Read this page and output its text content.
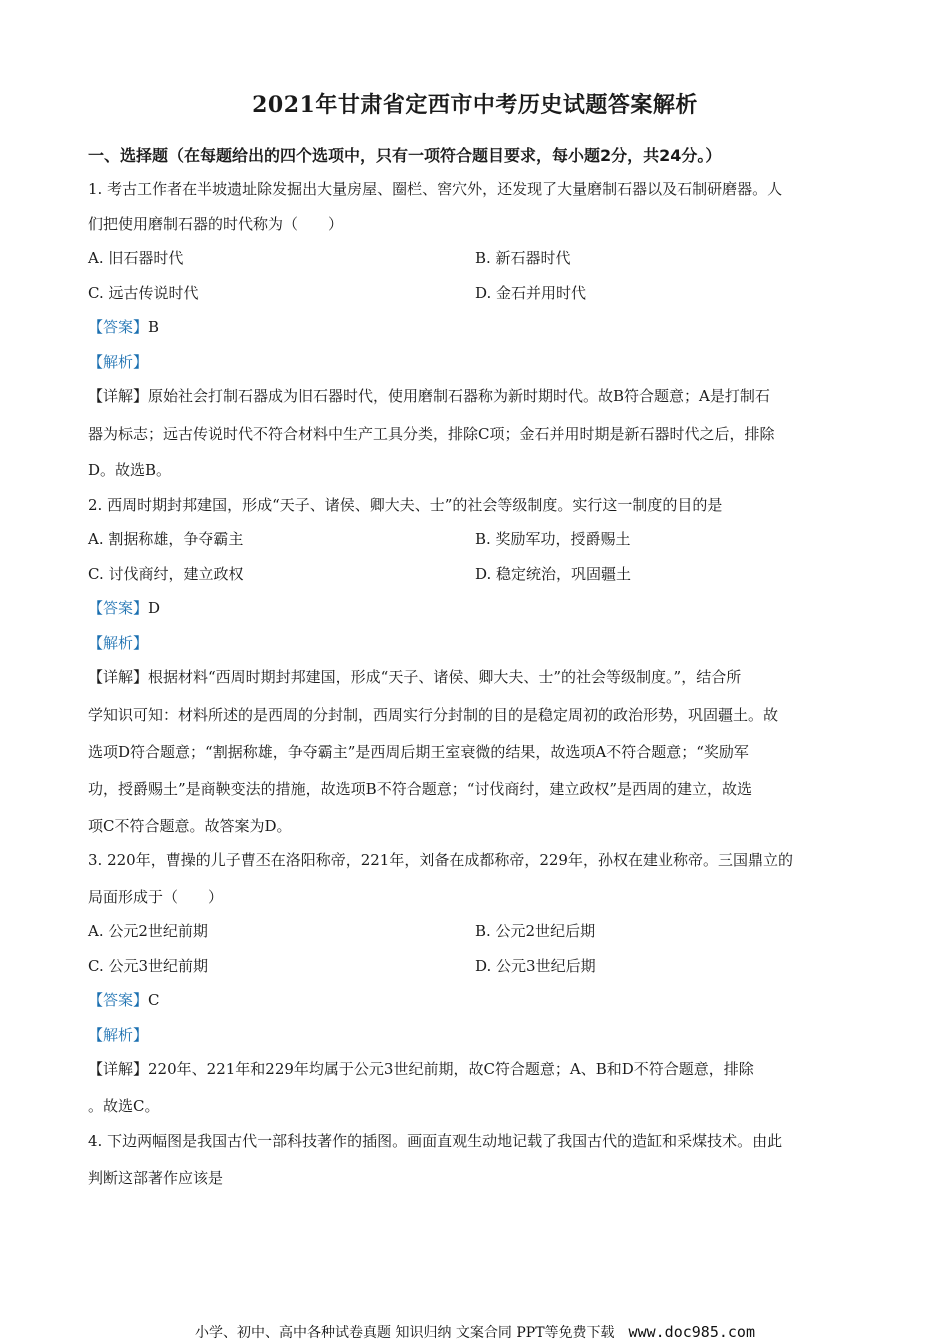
2021年甘肃省定西市中考历史试题答案解析
一、选择题（在每题给出的四个选项中，只有一项符合题目要求，每小题2分，共24分。）
1. 考古工作者在半坡遗址除发掘出大量房屋、圈栏、窖穴外，还发现了大量磨制石器以及石制研磨器。人
们把使用磨制石器的时代称为（　　）
A. 旧石器时代	B. 新石器时代
C. 远古传说时代	D. 金石并用时代
【答案】B
【解析】
【详解】原始社会打制石器成为旧石器时代，使用磨制石器称为新时期时代。故B符合题意；A是打制石
器为标志；远古传说时代不符合材料中生产工具分类，排除C项；金石并用时期是新石器时代之后，排除
D。故选B。
2. 西周时期封邦建国，形成“天子、诸侯、卿大夫、士”的社会等级制度。实行这一制度的目的是
A. 割据称雄，争夺霸主	B. 奖励军功，授爵赐土
C. 讨伐商纣，建立政权	D. 稳定统治，巩固疆土
【答案】D
【解析】
【详解】根据材料“西周时期封邦建国，形成“天子、诸侯、卿大夫、士”的社会等级制度。”，结合所
学知识可知：材料所述的是西周的分封制，西周实行分封制的目的是稳定周初的政治形势，巩固疆土。故
选项D符合题意；“割据称雄，争夺霸主”是西周后期王室衰微的结果，故选项A不符合题意；“奖励军
功，授爵赐土”是商鞅变法的措施，故选项B不符合题意；“讨伐商纣，建立政权”是西周的建立，故选
项C不符合题意。故答案为D。
3. 220年，曹操的儿子曹丕在洛阳称帝，221年，刘备在成都称帝，229年，孙权在建业称帝。三国鼎立的
局面形成于（　　）
A. 公元2世纪前期	B. 公元2世纪后期
C. 公元3世纪前期	D. 公元3世纪后期
【答案】C
【解析】
【详解】220年、221年和229年均属于公元3世纪前期，故C符合题意；A、B和D不符合题意，排除
。故选C。
4. 下边两幅图是我国古代一部科技著作的插图。画面直观生动地记载了我国古代的造缸和采煤技术。由此
判断这部著作应该是
小学、初中、高中各种试卷真题 知识归纳 文案合同 PPT等免费下载 www.doc985.com
